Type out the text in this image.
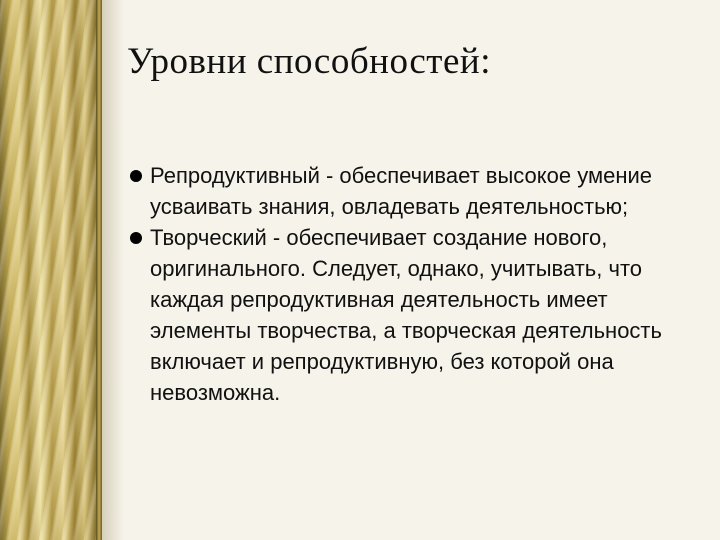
Уровни способностей:
Репродуктивный - обеспечивает высокое умение усваивать знания, овладевать деятельностью;
Творческий - обеспечивает создание нового, оригинального. Следует, однако, учитывать, что каждая репродуктивная деятельность имеет элементы творчества, а творческая деятельность включает и репродуктивную, без которой она невозможна.
